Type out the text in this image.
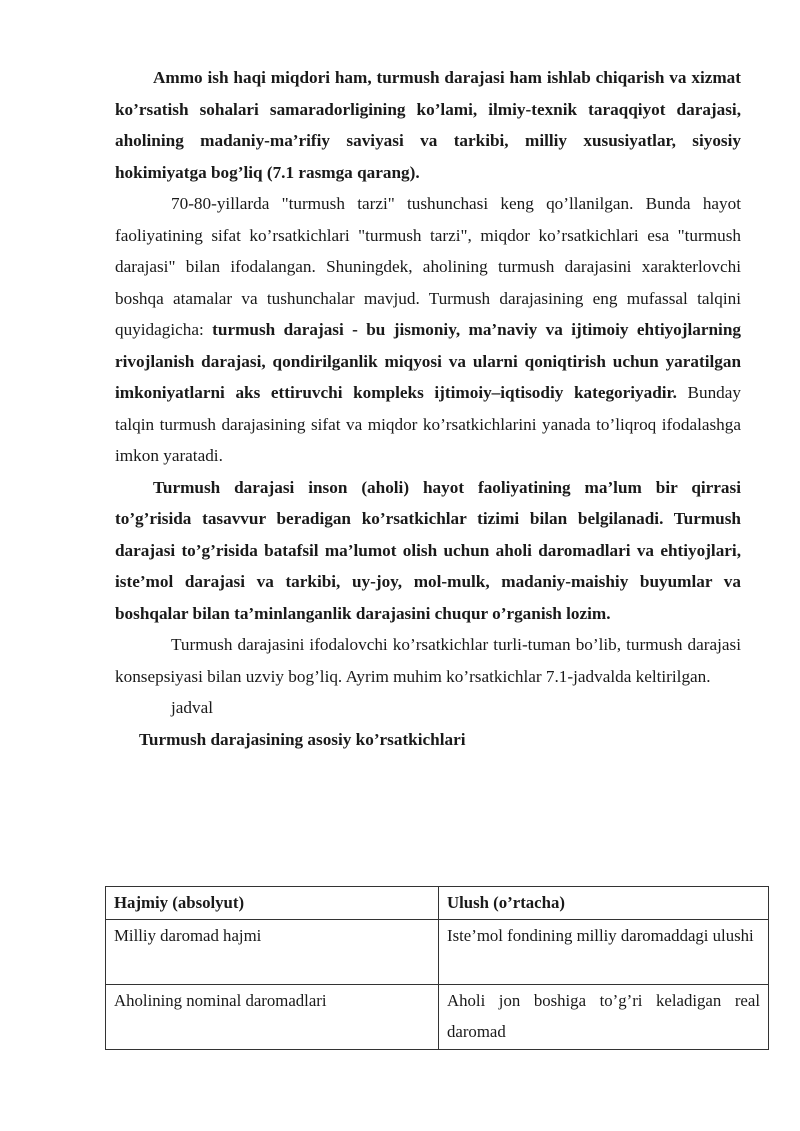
Ammo ish haqi miqdori ham, turmush darajasi ham ishlab chiqarish va xizmat ko’rsatish sohalari samaradorligining ko’lami, ilmiy-texnik taraqqiyot darajasi, aholining madaniy-ma’rifiy saviyasi va tarkibi, milliy xususiyatlar, siyosiy hokimiyatga bog’liq (7.1 rasmga qarang).

70-80-yillarda "turmush tarzi" tushunchasi keng qo’llanilgan. Bunda hayot faoliyatining sifat ko’rsatkichlari "turmush tarzi", miqdor ko’rsatkichlari esa "turmush darajasi" bilan ifodalangan. Shuningdek, aholining turmush darajasini xarakterlovchi boshqa atamalar va tushunchalar mavjud. Turmush darajasining eng mufassal talqini quyidagicha: turmush darajasi - bu jismoniy, ma’naviy va ijtimoiy ehtiyojlarning rivojlanish darajasi, qondirilganlik miqyosi va ularni qoniqtirish uchun yaratilgan imkoniyatlarni aks ettiruvchi kompleks ijtimoiy–iqtisodiy kategoriyadir. Bunday talqin turmush darajasining sifat va miqdor ko’rsatkichlarini yanada to’liqroq ifodalashga imkon yaratadi.

Turmush darajasi inson (aholi) hayot faoliyatining ma’lum bir qirrasi to’g’risida tasavvur beradigan ko’rsatkichlar tizimi bilan belgilanadi. Turmush darajasi to’g’risida batafsil ma’lumot olish uchun aholi daromadlari va ehtiyojlari, iste’mol darajasi va tarkibi, uy-joy, mol-mulk, madaniy-maishiy buyumlar va boshqalar bilan ta’minlanganlik darajasini chuqur o’rganish lozim.

Turmush darajasini ifodalovchi ko’rsatkichlar turli-tuman bo’lib, turmush darajasi konsepsiyasi bilan uzviy bog’liq. Ayrim muhim ko’rsatkichlar 7.1-jadvalda keltirilgan.

jadval
Turmush darajasining asosiy ko’rsatkichlari
Hajmiy (absolyut)	Ulush (o’rtacha)
Milliy daromad hajmi	Iste’mol fondining milliy daromaddagi ulushi
Aholining nominal daromadlari	Aholi jon boshiga to’g’ri keladigan real daromad
